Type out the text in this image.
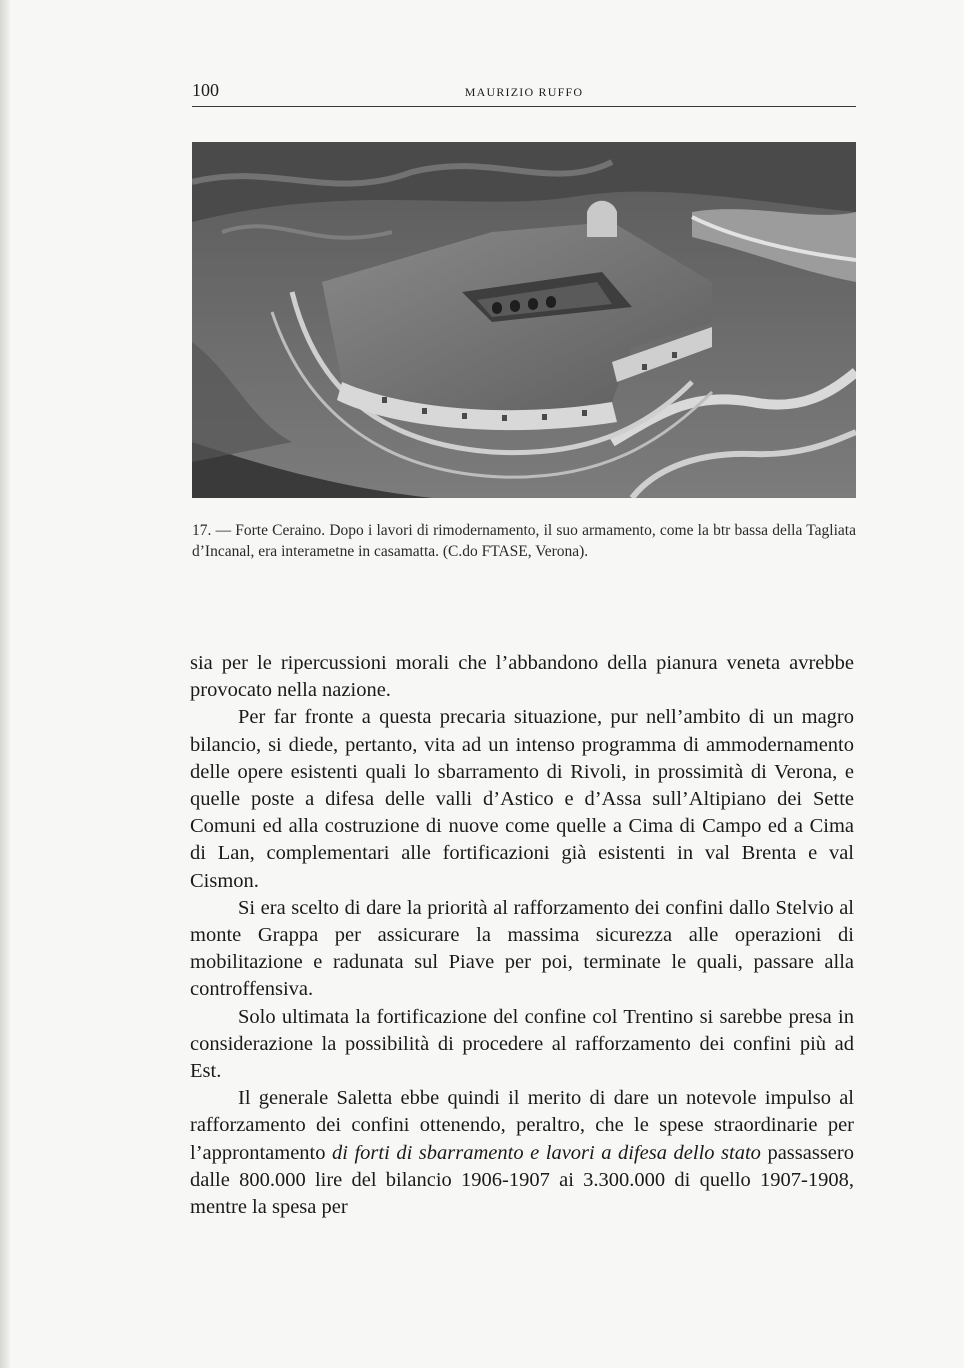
100	MAURIZIO RUFFO
17. — Forte Ceraino. Dopo i lavori di rimodernamento, il suo armamento, come la btr bassa della Tagliata d’Incanal, era interametne in casamatta. (C.do FTASE, Verona).

sia per le ripercussioni morali che l’abbandono della pianura veneta avrebbe provocato nella nazione.

Per far fronte a questa precaria situazione, pur nell’ambito di un magro bilancio, si diede, pertanto, vita ad un intenso programma di ammodernamento delle opere esistenti quali lo sbarramento di Rivoli, in prossimità di Verona, e quelle poste a difesa delle valli d’Astico e d’Assa sull’Altipiano dei Sette Comuni ed alla costruzione di nuove come quelle a Cima di Campo ed a Cima di Lan, complementari alle fortificazioni già esistenti in val Brenta e val Cismon.

Si era scelto di dare la priorità al rafforzamento dei confini dallo Stelvio al monte Grappa per assicurare la massima sicurezza alle operazioni di mobilitazione e radunata sul Piave per poi, terminate le quali, passare alla controffensiva.

Solo ultimata la fortificazione del confine col Trentino si sarebbe presa in considerazione la possibilità di procedere al rafforzamento dei confini più ad Est.

Il generale Saletta ebbe quindi il merito di dare un notevole impulso al rafforzamento dei confini ottenendo, peraltro, che le spese straordinarie per l’approntamento di forti di sbarramento e lavori a difesa dello stato passassero dalle 800.000 lire del bilancio 1906-1907 ai 3.300.000 di quello 1907-1908, mentre la spesa per
